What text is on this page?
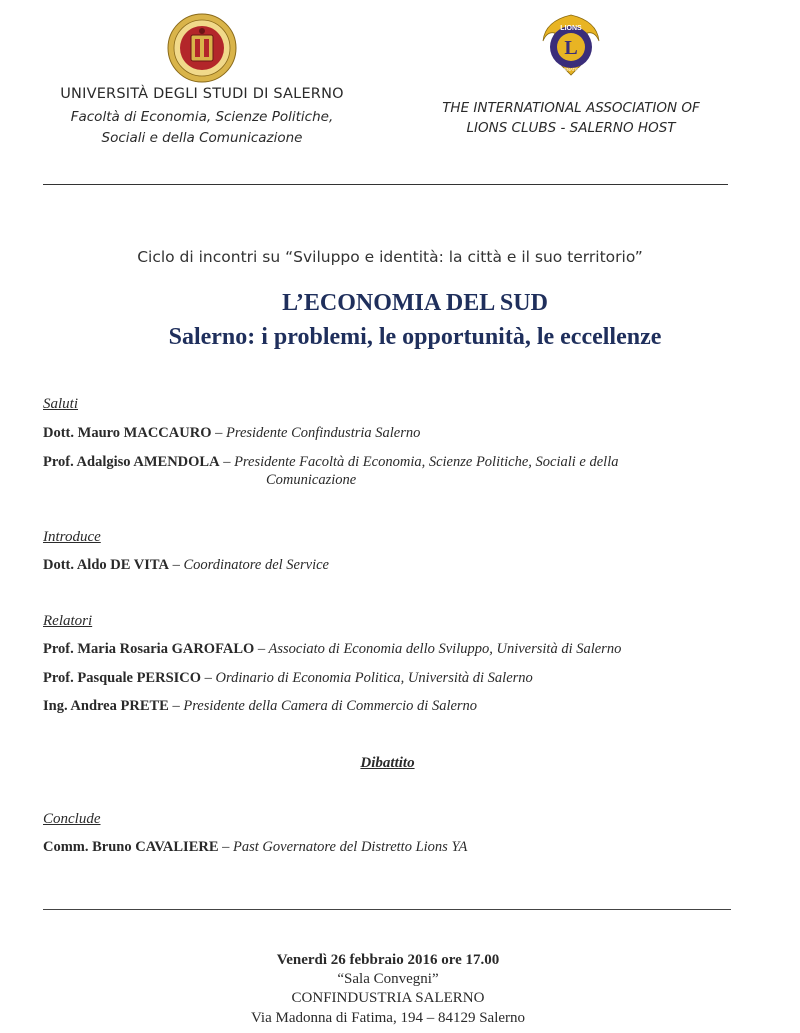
L
LIONS
INTERNATIONAL
UNIVERSITÀ DEGLI STUDI DI SALERNO
Facoltà di Economia, Scienze Politiche,
Sociali e della Comunicazione
THE INTERNATIONAL ASSOCIATION OF
LIONS CLUBS - SALERNO HOST
Ciclo di incontri su “Sviluppo e identità: la città e il suo territorio”
L’ECONOMIA DEL SUD
Salerno: i problemi, le opportunità, le eccellenze
Saluti
Dott. Mauro MACCAURO – Presidente Confindustria Salerno
Prof. Adalgiso AMENDOLA – Presidente Facoltà di Economia, Scienze Politiche, Sociali e della
Comunicazione
Introduce
Dott. Aldo DE VITA – Coordinatore del Service
Relatori
Prof. Maria Rosaria GAROFALO – Associato di Economia dello Sviluppo, Università di Salerno
Prof. Pasquale PERSICO – Ordinario di Economia Politica, Università di Salerno
Ing. Andrea PRETE – Presidente della Camera di Commercio di Salerno
Dibattito
Conclude
Comm. Bruno CAVALIERE – Past Governatore del Distretto Lions YA
Venerdì 26 febbraio 2016 ore 17.00
“Sala Convegni”
CONFINDUSTRIA SALERNO
Via Madonna di Fatima, 194 – 84129 Salerno
